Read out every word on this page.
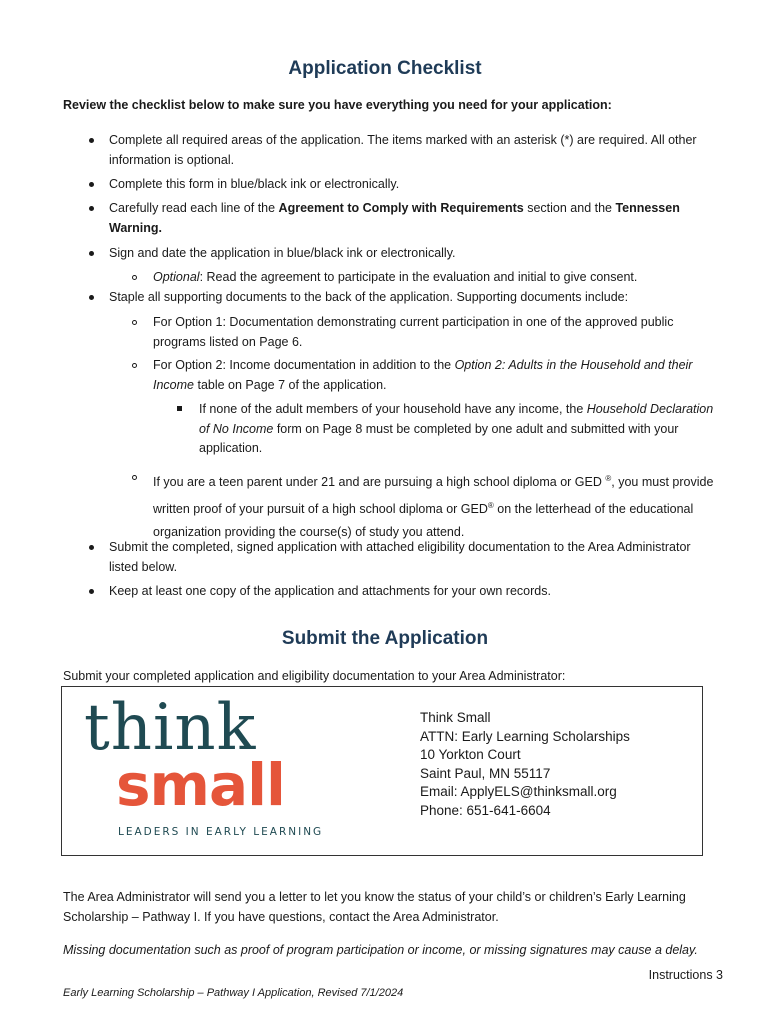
Application Checklist
Review the checklist below to make sure you have everything you need for your application:
Complete all required areas of the application. The items marked with an asterisk (*) are required. All other
information is optional.
Complete this form in blue/black ink or electronically.
Carefully read each line of the Agreement to Comply with Requirements section and the Tennessen
Warning.
Sign and date the application in blue/black ink or electronically.
Optional: Read the agreement to participate in the evaluation and initial to give consent.
Staple all supporting documents to the back of the application. Supporting documents include:
For Option 1: Documentation demonstrating current participation in one of the approved public
programs listed on Page 6.
For Option 2: Income documentation in addition to the Option 2: Adults in the Household and their
Income table on Page 7 of the application.
If none of the adult members of your household have any income, the Household Declaration
of No Income form on Page 8 must be completed by one adult and submitted with your
application.
If you are a teen parent under 21 and are pursuing a high school diploma or GED ®, you must provide
written proof of your pursuit of a high school diploma or GED® on the letterhead of the educational
organization providing the course(s) of study you attend.
Submit the completed, signed application with attached eligibility documentation to the Area Administrator
listed below.
Keep at least one copy of the application and attachments for your own records.
Submit the Application
Submit your completed application and eligibility documentation to your Area Administrator:
think
small
LEADERS IN EARLY LEARNING
Think Small
ATTN: Early Learning Scholarships
10 Yorkton Court
Saint Paul, MN 55117
Email: ApplyELS@thinksmall.org
Phone: 651-641-6604
The Area Administrator will send you a letter to let you know the status of your child’s or children’s Early Learning
Scholarship – Pathway I. If you have questions, contact the Area Administrator.
Missing documentation such as proof of program participation or income, or missing signatures may cause a delay.
Instructions 3
Early Learning Scholarship – Pathway I Application, Revised 7/1/2024
